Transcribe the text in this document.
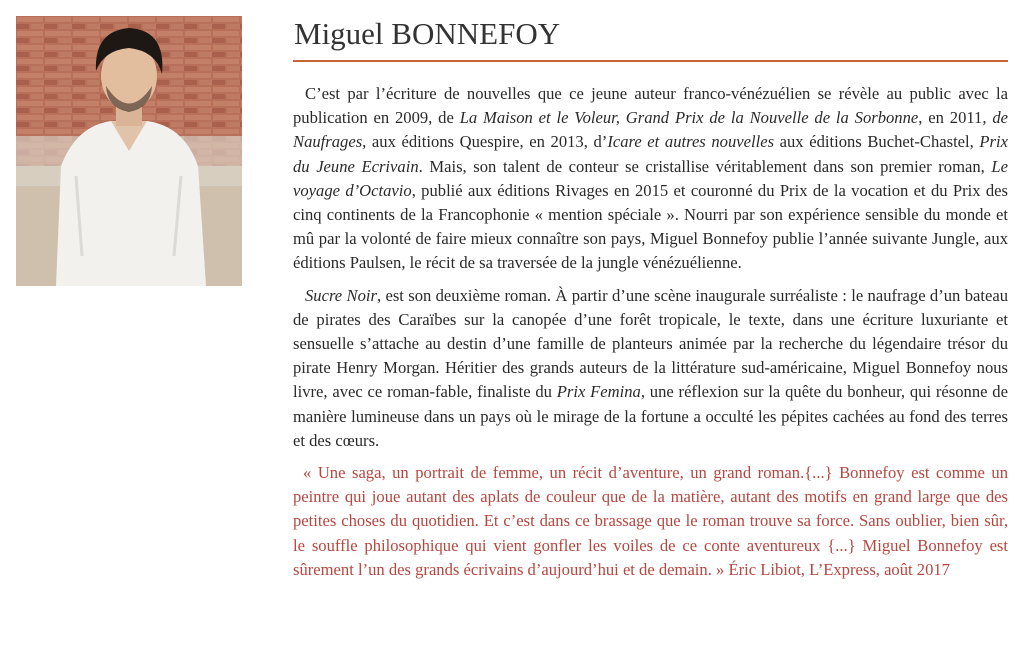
Miguel BONNEFOY

C’est par l’écriture de nouvelles que ce jeune auteur franco-vénézuélien se révèle au public avec la publication en 2009, de La Maison et le Voleur, Grand Prix de la Nouvelle de la Sorbonne, en 2011, de Naufrages, aux éditions Quespire, en 2013, d’Icare et autres nouvelles aux éditions Buchet-Chastel, Prix du Jeune Ecrivain. Mais, son talent de conteur se cristallise véritablement dans son premier roman, Le voyage d’Octavio, publié aux éditions Rivages en 2015 et couronné du Prix de la vocation et du Prix des cinq continents de la Francophonie « mention spéciale ». Nourri par son expérience sensible du monde et mû par la volonté de faire mieux connaître son pays, Miguel Bonnefoy publie l’année suivante Jungle, aux éditions Paulsen, le récit de sa traversée de la jungle vénézuélienne.

Sucre Noir, est son deuxième roman. À partir d’une scène inaugurale surréaliste : le naufrage d’un bateau de pirates des Caraïbes sur la canopée d’une forêt tropicale, le texte, dans une écriture luxuriante et sensuelle s’attache au destin d’une famille de planteurs animée par la recherche du légendaire trésor du pirate Henry Morgan. Héritier des grands auteurs de la littérature sud-américaine, Miguel Bonnefoy nous livre, avec ce roman-fable, finaliste du Prix Femina, une réflexion sur la quête du bonheur, qui résonne de manière lumineuse dans un pays où le mirage de la fortune a occulté les pépites cachées au fond des terres et des cœurs.

« Une saga, un portrait de femme, un récit d’aventure, un grand roman.{...} Bonnefoy est comme un peintre qui joue autant des aplats de couleur que de la matière, autant des motifs en grand large que des petites choses du quotidien. Et c’est dans ce brassage que le roman trouve sa force. Sans oublier, bien sûr, le souffle philosophique qui vient gonfler les voiles de ce conte aventureux {...} Miguel Bonnefoy est sûrement l’un des grands écrivains d’aujourd’hui et de demain. » Éric Libiot, L’Express, août 2017
